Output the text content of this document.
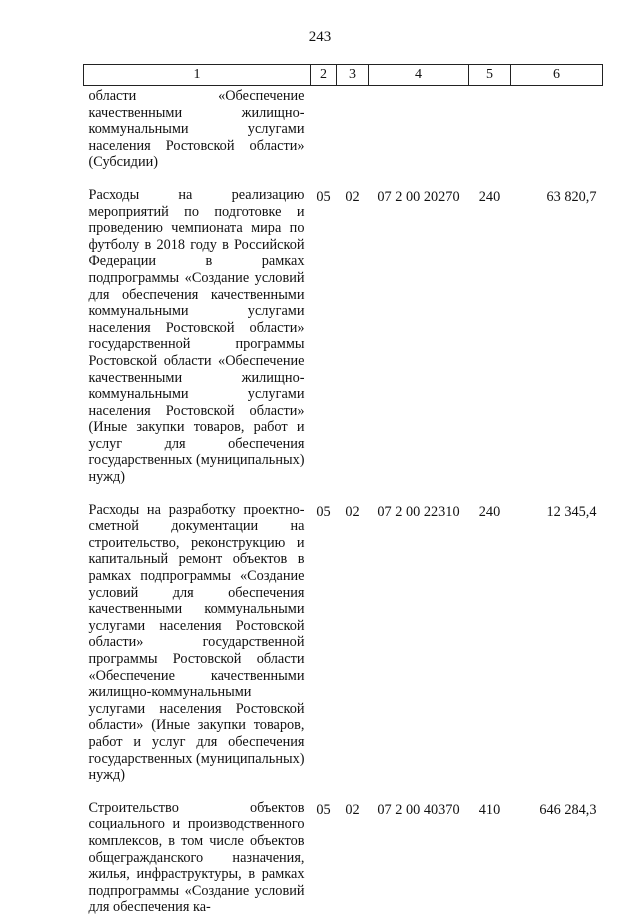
243
1	2	3	4	5	6

области «Обеспечение качественными жилищно-коммунальными услугами населения Ростовской области» (Субсидии)					

Расходы на реализацию мероприятий по подготовке и проведению чемпионата мира по футболу в 2018 году в Российской Федерации в рамках подпрограммы «Создание условий для обеспечения качественными коммунальными услугами населения Ростовской области» государственной программы Ростовской области «Обеспечение качественными жилищно-коммунальными услугами населения Ростовской области» (Иные закупки товаров, работ и услуг для обеспечения государственных (муниципальных) нужд)	05	02	07 2 00 20270	240	63 820,7

Расходы на разработку проектно-сметной документации на строительство, реконструкцию и капитальный ремонт объектов в рамках подпрограммы «Создание условий для обеспечения качественными коммунальными услугами населения Ростовской области» государственной программы Ростовской области «Обеспечение качественными жилищно-коммунальными услугами населения Ростовской области» (Иные закупки товаров, работ и услуг для обеспечения государственных (муниципальных) нужд)	05	02	07 2 00 22310	240	12 345,4

Строительство объектов социального и производственного комплексов, в том числе объектов общегражданского назначения, жилья, инфраструктуры, в рамках подпрограммы «Создание условий для обеспечения ка-	05	02	07 2 00 40370	410	646 284,3
